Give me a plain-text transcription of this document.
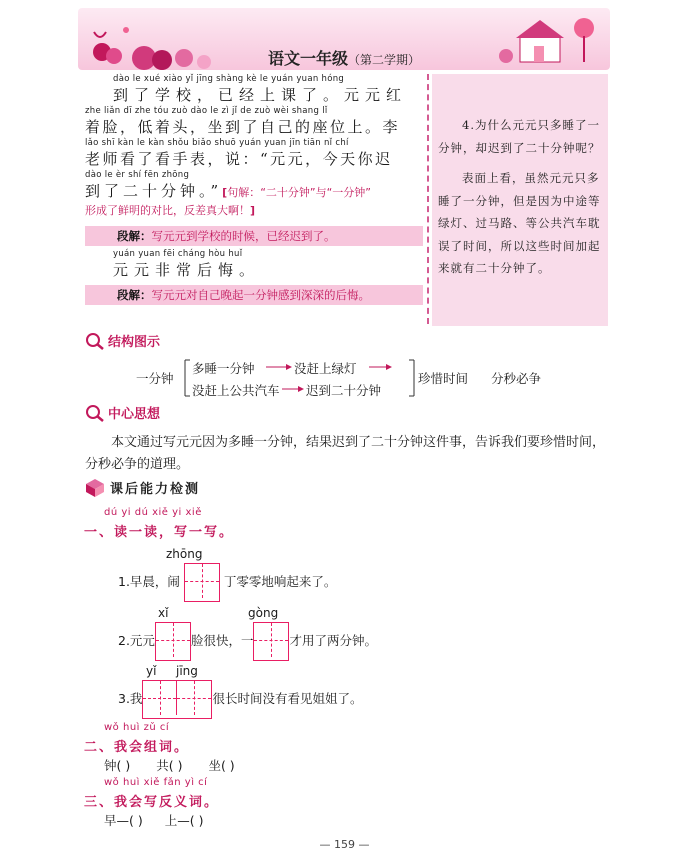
语文一年级（第二学期）
dào le xué xiào yǐ jīng shàng kè le yuán yuan hóng
到了学校，已经上课了。元元红
zhe liǎn dī zhe tóu zuò dào le zì jǐ de zuò wèi shang lǐ
着脸，低着头，坐到了自己的座位上。李
lǎo shī kàn le kàn shǒu biǎo shuō yuán yuan jīn tiān nǐ chí
老师看了看手表，说：“元元，今天你迟
dào le èr shí fēn zhōng
到了二十分钟。”[句解：“二十分钟”与“一分钟”
形成了鲜明的对比，反差真大啊！]
段解：写元元到学校的时候，已经迟到了。
yuán yuan fēi cháng hòu huǐ
元元非常后悔。
段解：写元元对自己晚起一分钟感到深深的后悔。

4.为什么元元只多睡了一分钟，却迟到了二十分钟呢？

表面上看，虽然元元只多睡了一分钟，但是因为中途等绿灯、过马路、等公共汽车耽误了时间，所以这些时间加起来就有二十分钟了。

结构图示
一分钟
多睡一分钟	没赶上绿灯
没赶上公共汽车 迟到二十分钟
珍惜时间 分秒必争
中心思想

本文通过写元元因为多睡一分钟，结果迟到了二十分钟这件事，告诉我们要珍惜时间，分秒必争的道理。

课后能力检测
dú yi dú xiě yi xiě
一、读一读，写一写。
zhōng
1.早晨，闹	丁零零地响起来了。
xǐ	gòng
2.元元	脸很快，一	才用了两分钟。
yǐ jīng
3.我	很长时间没有看见姐姐了。
wǒ huì zǔ cí
二、我会组词。
钟( ) 共( ) 坐( )
wǒ huì xiě fǎn yì cí
三、我会写反义词。
早—( ) 上—( )
— 159 —
